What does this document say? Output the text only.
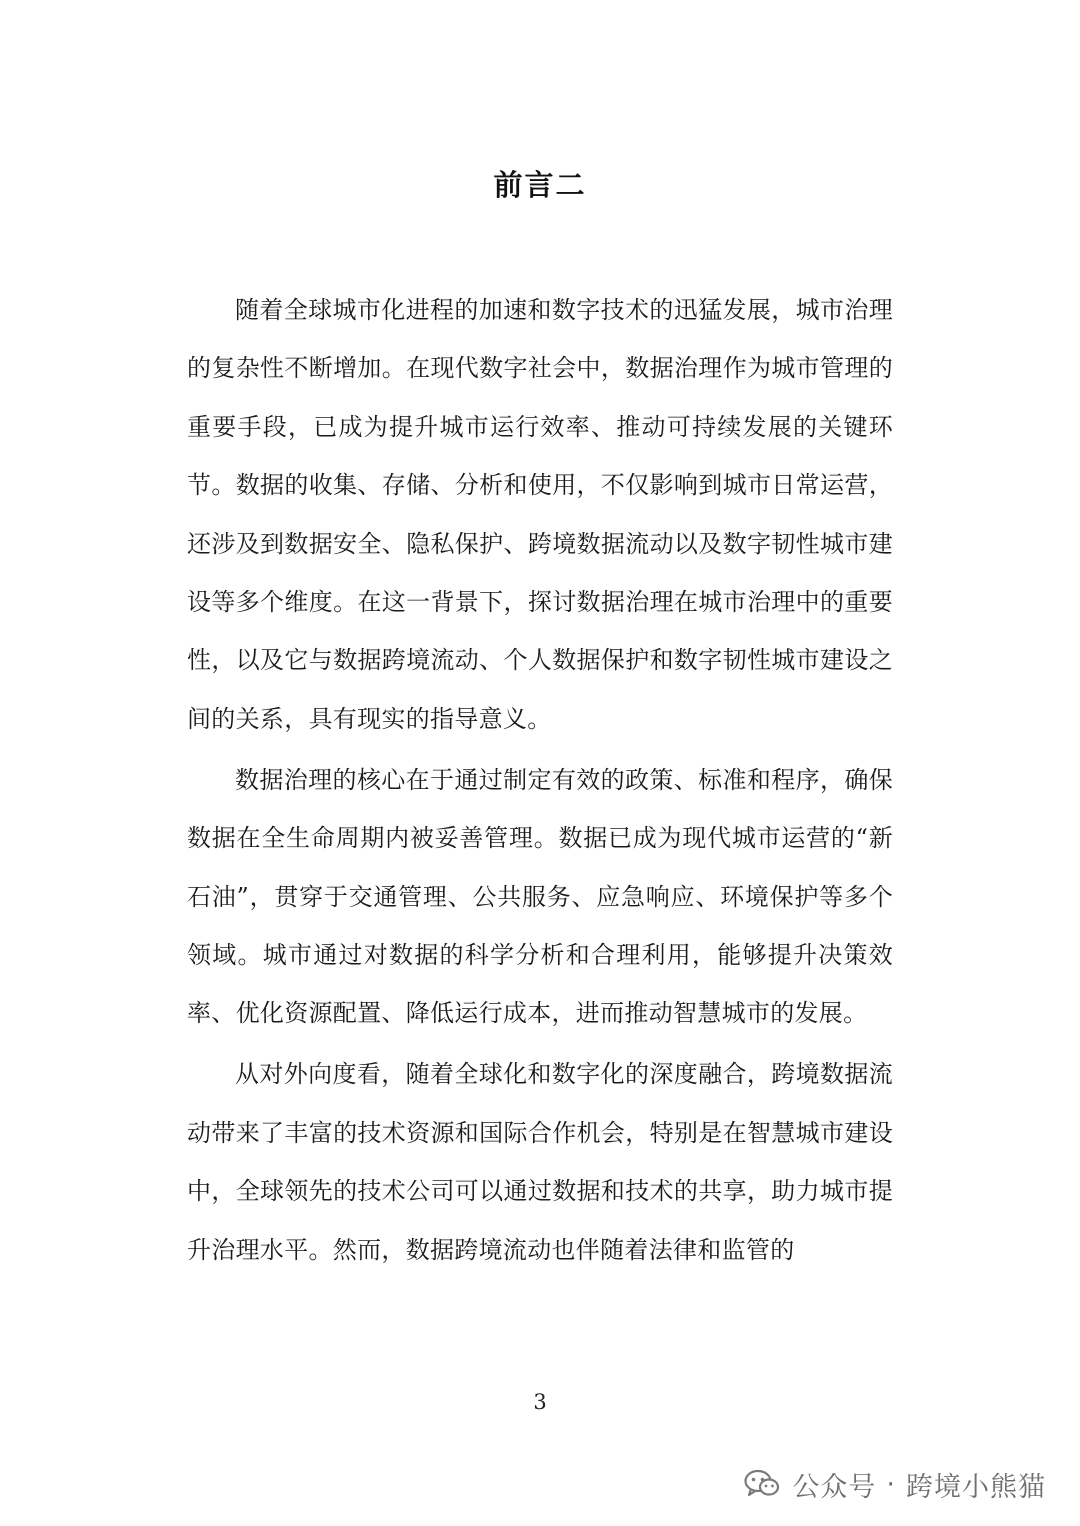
前言二

随着全球城市化进程的加速和数字技术的迅猛发展，城市治理的复杂性不断增加。在现代数字社会中，数据治理作为城市管理的重要手段，已成为提升城市运行效率、推动可持续发展的关键环节。数据的收集、存储、分析和使用，不仅影响到城市日常运营，还涉及到数据安全、隐私保护、跨境数据流动以及数字韧性城市建设等多个维度。在这一背景下，探讨数据治理在城市治理中的重要性，以及它与数据跨境流动、个人数据保护和数字韧性城市建设之间的关系，具有现实的指导意义。

数据治理的核心在于通过制定有效的政策、标准和程序，确保数据在全生命周期内被妥善管理。数据已成为现代城市运营的“新石油”，贯穿于交通管理、公共服务、应急响应、环境保护等多个领域。城市通过对数据的科学分析和合理利用，能够提升决策效率、优化资源配置、降低运行成本，进而推动智慧城市的发展。

从对外向度看，随着全球化和数字化的深度融合，跨境数据流动带来了丰富的技术资源和国际合作机会，特别是在智慧城市建设中，全球领先的技术公司可以通过数据和技术的共享，助力城市提升治理水平。然而，数据跨境流动也伴随着法律和监管的

3

公众号 · 跨境小熊猫
